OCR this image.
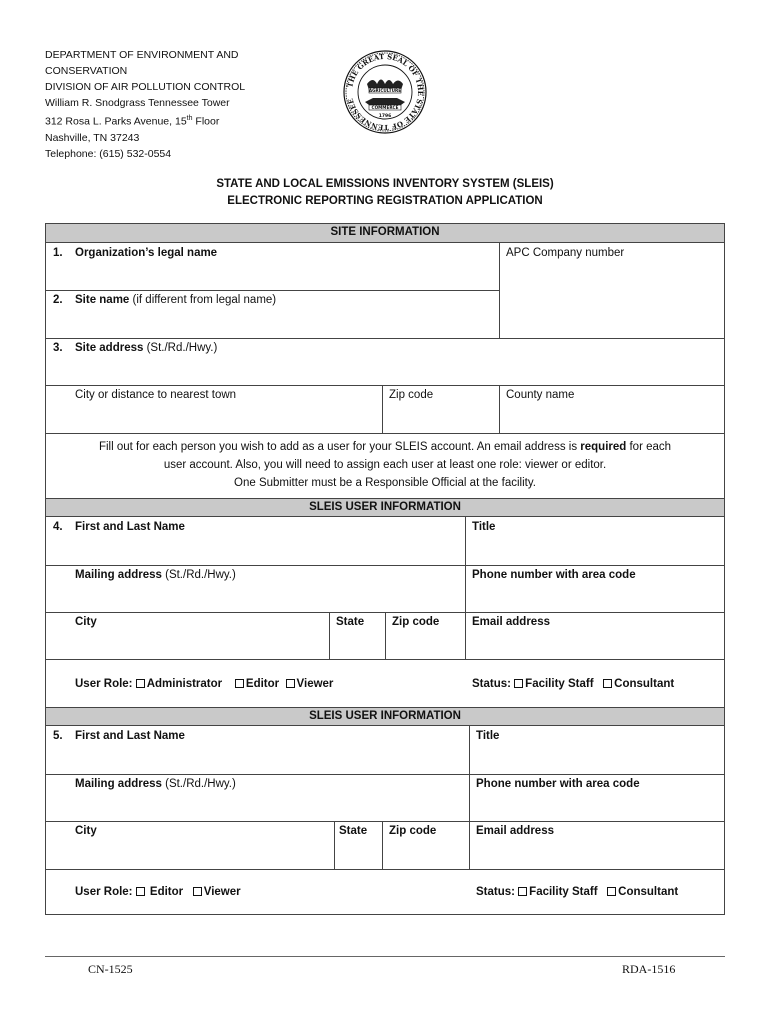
DEPARTMENT OF ENVIRONMENT AND
CONSERVATION
DIVISION OF AIR POLLUTION CONTROL
William R. Snodgrass Tennessee Tower
312 Rosa L. Parks Avenue, 15th Floor
Nashville, TN 37243
Telephone: (615) 532-0554
THE GREAT SEAL OF THE STATE OF TENNESSEE
AGRICULTURE
COMMERCE
1796
STATE AND LOCAL EMISSIONS INVENTORY SYSTEM (SLEIS)
ELECTRONIC REPORTING REGISTRATION APPLICATION
SITE INFORMATION
1. Organization’s legal name	APC Company number
2. Site name (if different from legal name)
3. Site address (St./Rd./Hwy.)
City or distance to nearest town	Zip code	County name
Fill out for each person you wish to add as a user for your SLEIS account. An email address is required for each
user account. Also, you will need to assign each user at least one role: viewer or editor.
One Submitter must be a Responsible Official at the facility.
SLEIS USER INFORMATION
4. First and Last Name	Title
Mailing address (St./Rd./Hwy.)	Phone number with area code
City	State Zip code	Email address
User Role: Administrator Editor Viewer	Status: Facility Staff Consultant
SLEIS USER INFORMATION
5. First and Last Name	Title
Mailing address (St./Rd./Hwy.)	Phone number with area code
City	State Zip code	Email address
User Role:  Editor Viewer	Status: Facility Staff Consultant
CN-1525	RDA-1516
